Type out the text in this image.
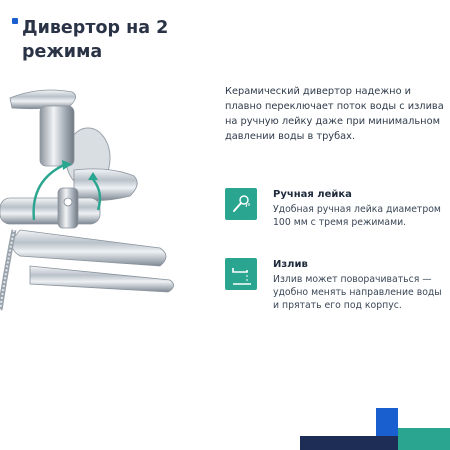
Дивертор на 2 режима

Керамический дивертор надежно и плавно переключает поток воды с излива на ручную лейку даже при минимальном давлении воды в трубах.

Ручная лейка

Удобная ручная лейка диаметром 100 мм с тремя режимами.

Излив

Излив может поворачиваться — удобно менять направление воды и прятать его под корпус.
